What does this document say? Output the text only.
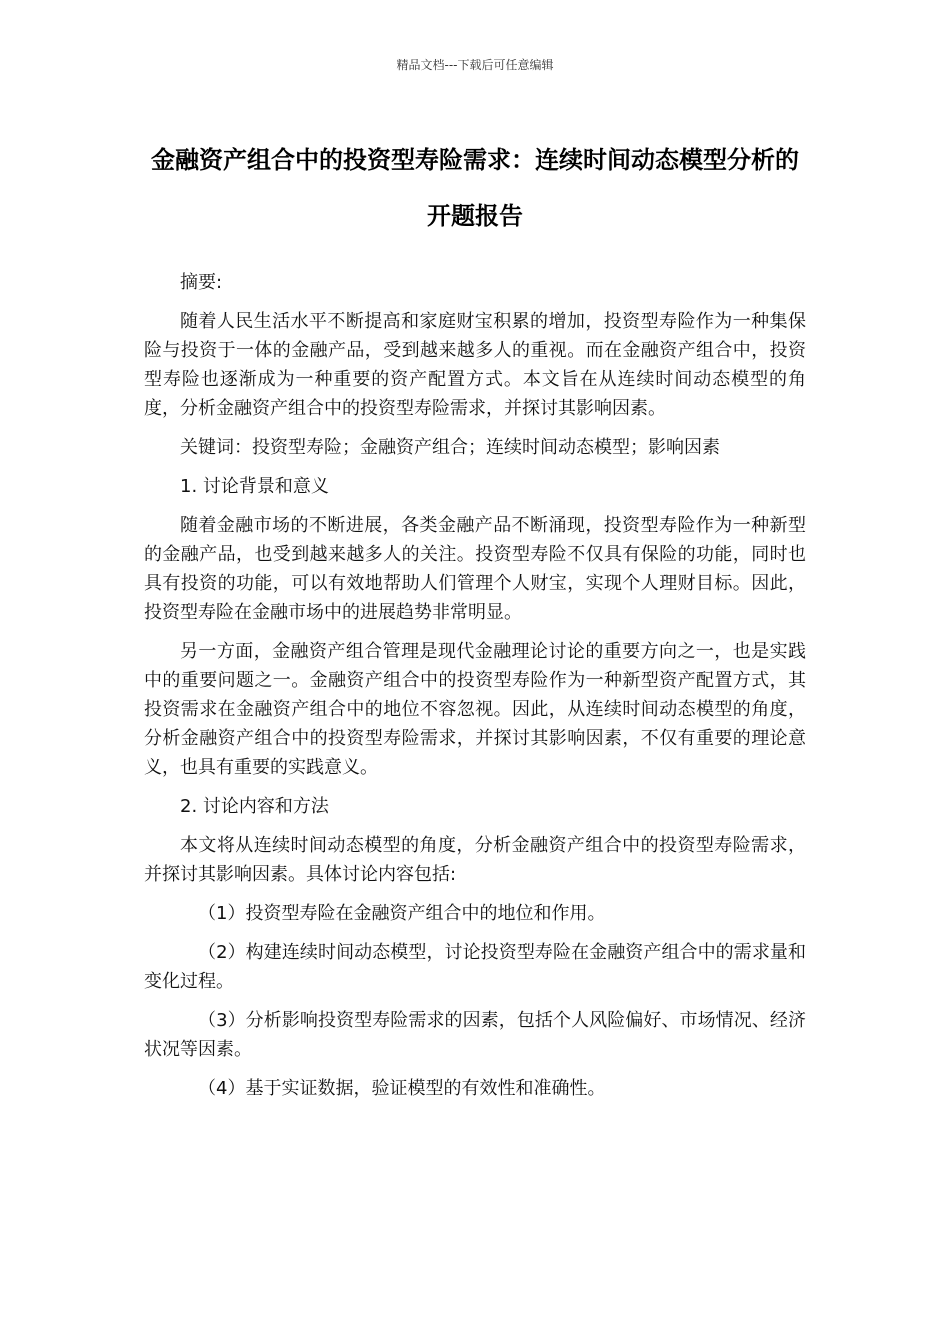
精品文档---下载后可任意编辑
金融资产组合中的投资型寿险需求：连续时间动态模型分析的开题报告

摘要:

随着人民生活水平不断提高和家庭财宝积累的增加，投资型寿险作为一种集保险与投资于一体的金融产品，受到越来越多人的重视。而在金融资产组合中，投资型寿险也逐渐成为一种重要的资产配置方式。本文旨在从连续时间动态模型的角度，分析金融资产组合中的投资型寿险需求，并探讨其影响因素。

关键词：投资型寿险；金融资产组合；连续时间动态模型；影响因素

1. 讨论背景和意义

随着金融市场的不断进展，各类金融产品不断涌现，投资型寿险作为一种新型的金融产品，也受到越来越多人的关注。投资型寿险不仅具有保险的功能，同时也具有投资的功能，可以有效地帮助人们管理个人财宝，实现个人理财目标。因此，投资型寿险在金融市场中的进展趋势非常明显。

另一方面，金融资产组合管理是现代金融理论讨论的重要方向之一，也是实践中的重要问题之一。金融资产组合中的投资型寿险作为一种新型资产配置方式，其投资需求在金融资产组合中的地位不容忽视。因此，从连续时间动态模型的角度，分析金融资产组合中的投资型寿险需求，并探讨其影响因素，不仅有重要的理论意义，也具有重要的实践意义。

2. 讨论内容和方法

本文将从连续时间动态模型的角度，分析金融资产组合中的投资型寿险需求，并探讨其影响因素。具体讨论内容包括:

（1）投资型寿险在金融资产组合中的地位和作用。

（2）构建连续时间动态模型，讨论投资型寿险在金融资产组合中的需求量和变化过程。

（3）分析影响投资型寿险需求的因素，包括个人风险偏好、市场情况、经济状况等因素。

（4）基于实证数据，验证模型的有效性和准确性。
